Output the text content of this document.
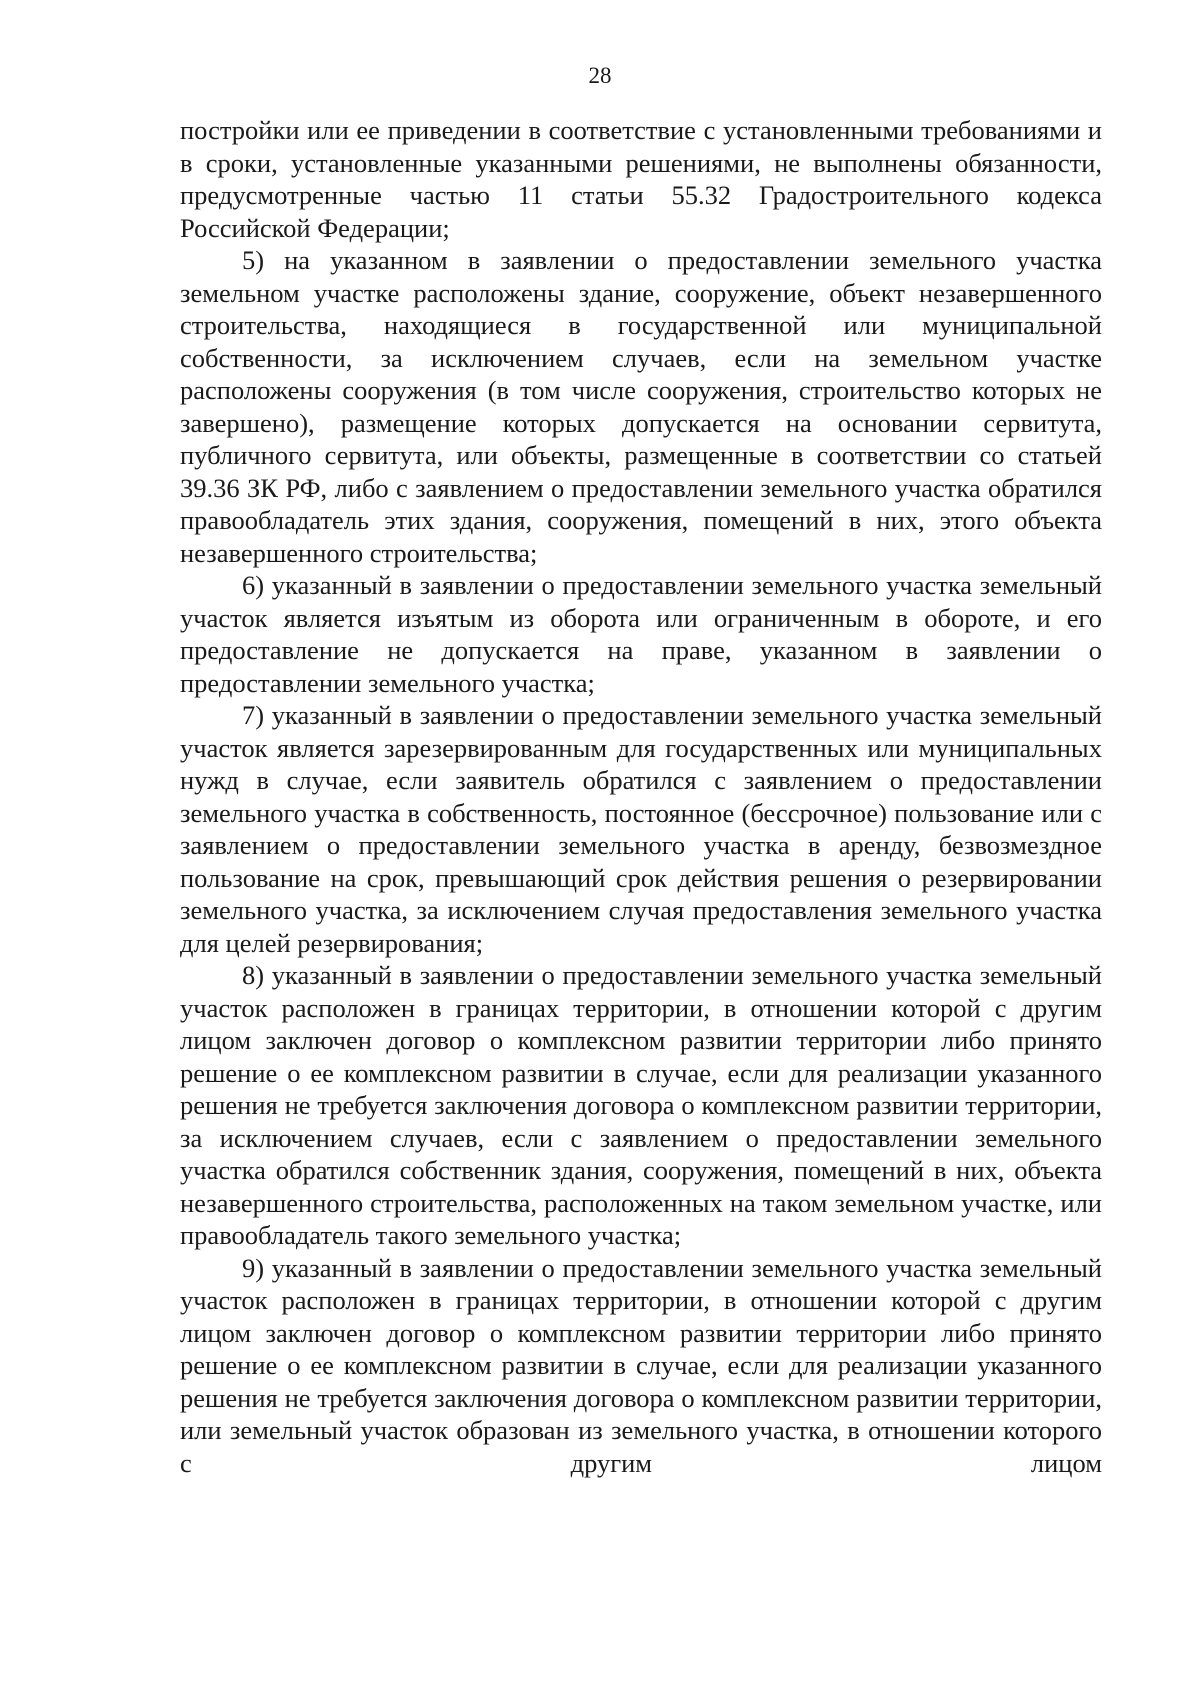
28

постройки или ее приведении в соответствие с установленными требованиями и в сроки, установленные указанными решениями, не выполнены обязанности, предусмотренные частью 11 статьи 55.32 Градостроительного кодекса Российской Федерации;

5) на указанном в заявлении о предоставлении земельного участка земельном участке расположены здание, сооружение, объект незавершенного строительства, находящиеся в государственной или муниципальной собственности, за исключением случаев, если на земельном участке расположены сооружения (в том числе сооружения, строительство которых не завершено), размещение которых допускается на основании сервитута, публичного сервитута, или объекты, размещенные в соответствии со статьей 39.36 ЗК РФ, либо с заявлением о предоставлении земельного участка обратился правообладатель этих здания, сооружения, помещений в них, этого объекта незавершенного строительства;

6) указанный в заявлении о предоставлении земельного участка земельный участок является изъятым из оборота или ограниченным в обороте, и его предоставление не допускается на праве, указанном в заявлении о предоставлении земельного участка;

7) указанный в заявлении о предоставлении земельного участка земельный участок является зарезервированным для государственных или муниципальных нужд в случае, если заявитель обратился с заявлением о предоставлении земельного участка в собственность, постоянное (бессрочное) пользование или с заявлением о предоставлении земельного участка в аренду, безвозмездное пользование на срок, превышающий срок действия решения о резервировании земельного участка, за исключением случая предоставления земельного участка для целей резервирования;

8) указанный в заявлении о предоставлении земельного участка земельный участок расположен в границах территории, в отношении которой с другим лицом заключен договор о комплексном развитии территории либо принято решение о ее комплексном развитии в случае, если для реализации указанного решения не требуется заключения договора о комплексном развитии территории, за исключением случаев, если с заявлением о предоставлении земельного участка обратился собственник здания, сооружения, помещений в них, объекта незавершенного строительства, расположенных на таком земельном участке, или правообладатель такого земельного участка;

9) указанный в заявлении о предоставлении земельного участка земельный участок расположен в границах территории, в отношении которой с другим лицом заключен договор о комплексном развитии территории либо принято решение о ее комплексном развитии в случае, если для реализации указанного решения не требуется заключения договора о комплексном развитии территории, или земельный участок образован из земельного участка, в отношении которого с другим лицом
